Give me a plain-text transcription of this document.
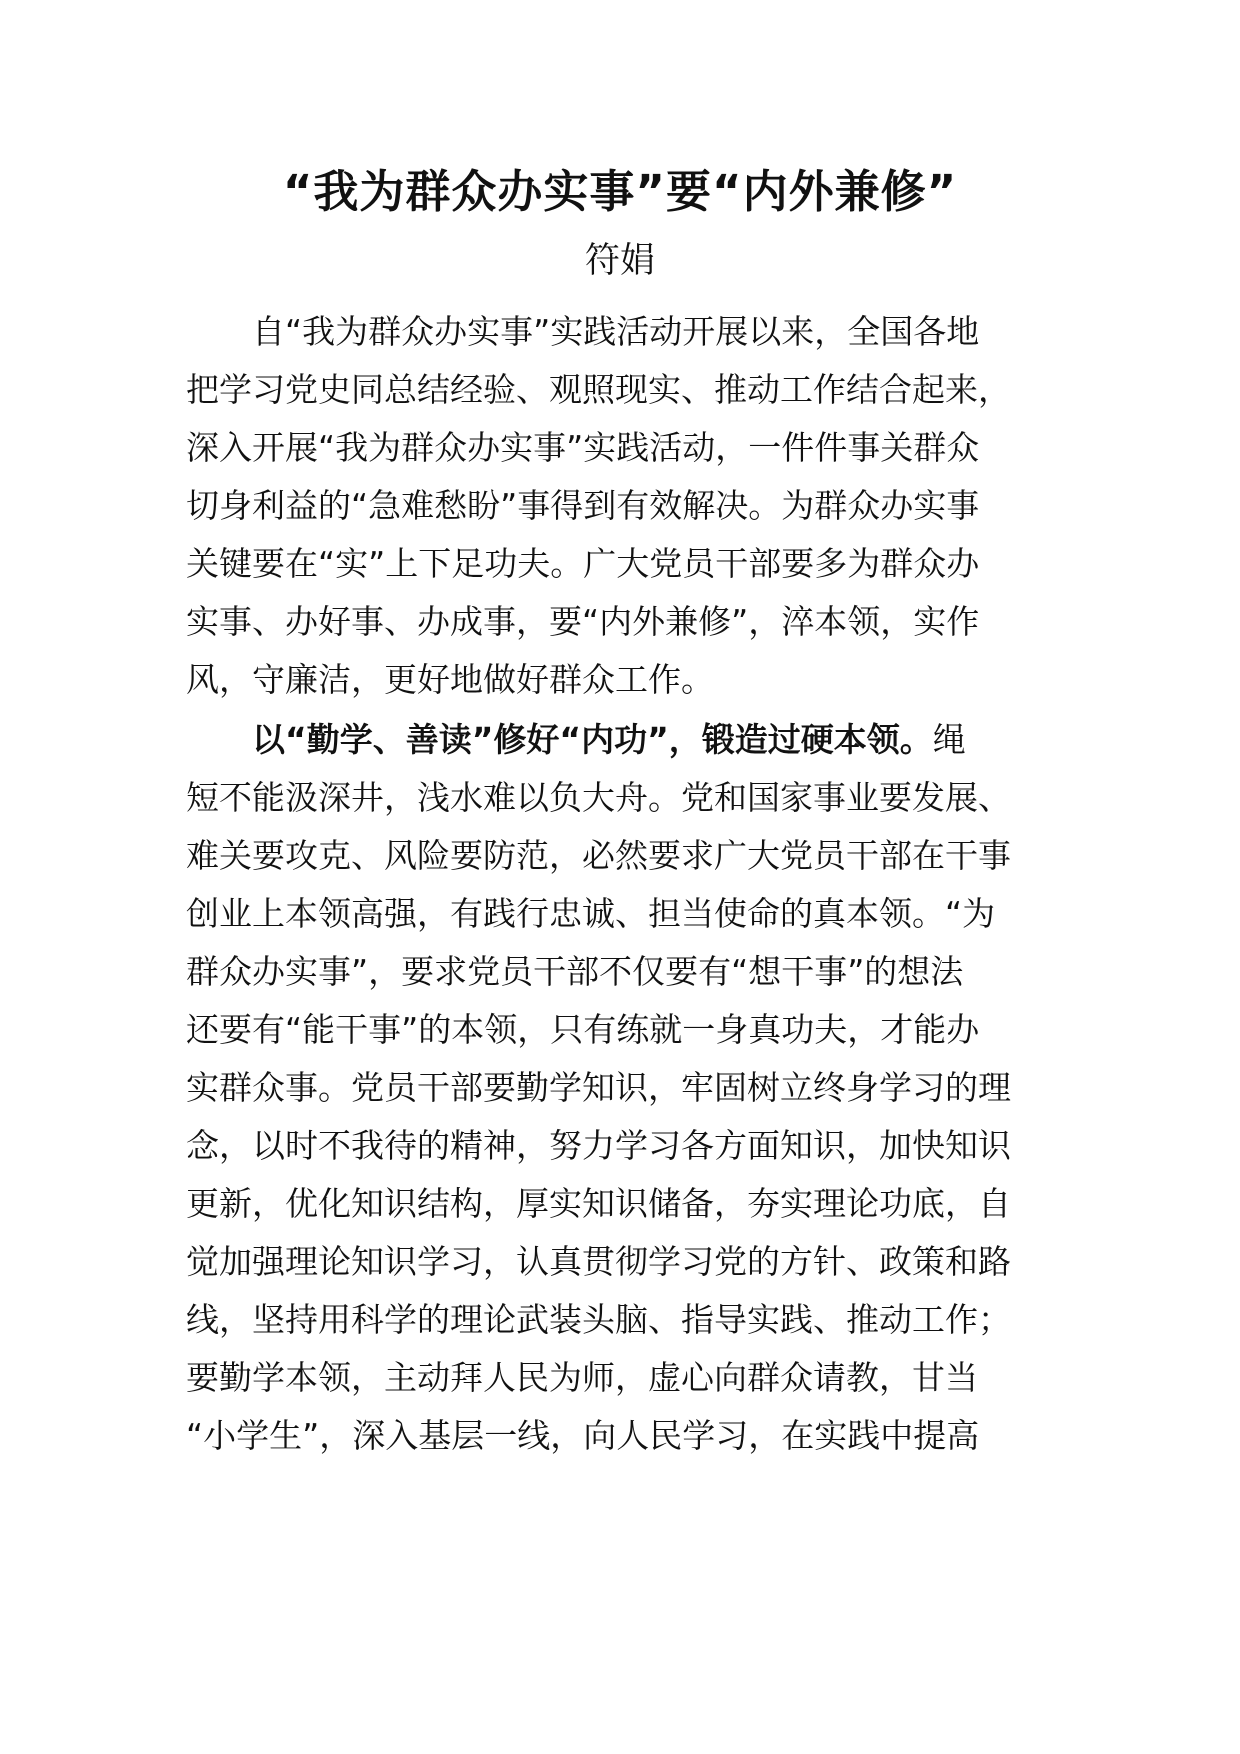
“我为群众办实事”要“内外兼修”
符娟
自“我为群众办实事”实践活动开展以来，全国各地
把学习党史同总结经验、观照现实、推动工作结合起来，
深入开展“我为群众办实事”实践活动，一件件事关群众
切身利益的“急难愁盼”事得到有效解决。为群众办实事
关键要在“实”上下足功夫。广大党员干部要多为群众办
实事、办好事、办成事，要“内外兼修”，淬本领，实作
风，守廉洁，更好地做好群众工作。
以“勤学、善读”修好“内功”，锻造过硬本领。绳
短不能汲深井，浅水难以负大舟。党和国家事业要发展、
难关要攻克、风险要防范，必然要求广大党员干部在干事
创业上本领高强，有践行忠诚、担当使命的真本领。“为
群众办实事”，要求党员干部不仅要有“想干事”的想法
还要有“能干事”的本领，只有练就一身真功夫，才能办
实群众事。党员干部要勤学知识，牢固树立终身学习的理
念，以时不我待的精神，努力学习各方面知识，加快知识
更新，优化知识结构，厚实知识储备，夯实理论功底，自
觉加强理论知识学习，认真贯彻学习党的方针、政策和路
线，坚持用科学的理论武装头脑、指导实践、推动工作；
要勤学本领，主动拜人民为师，虚心向群众请教，甘当
“小学生”，深入基层一线，向人民学习，在实践中提高
